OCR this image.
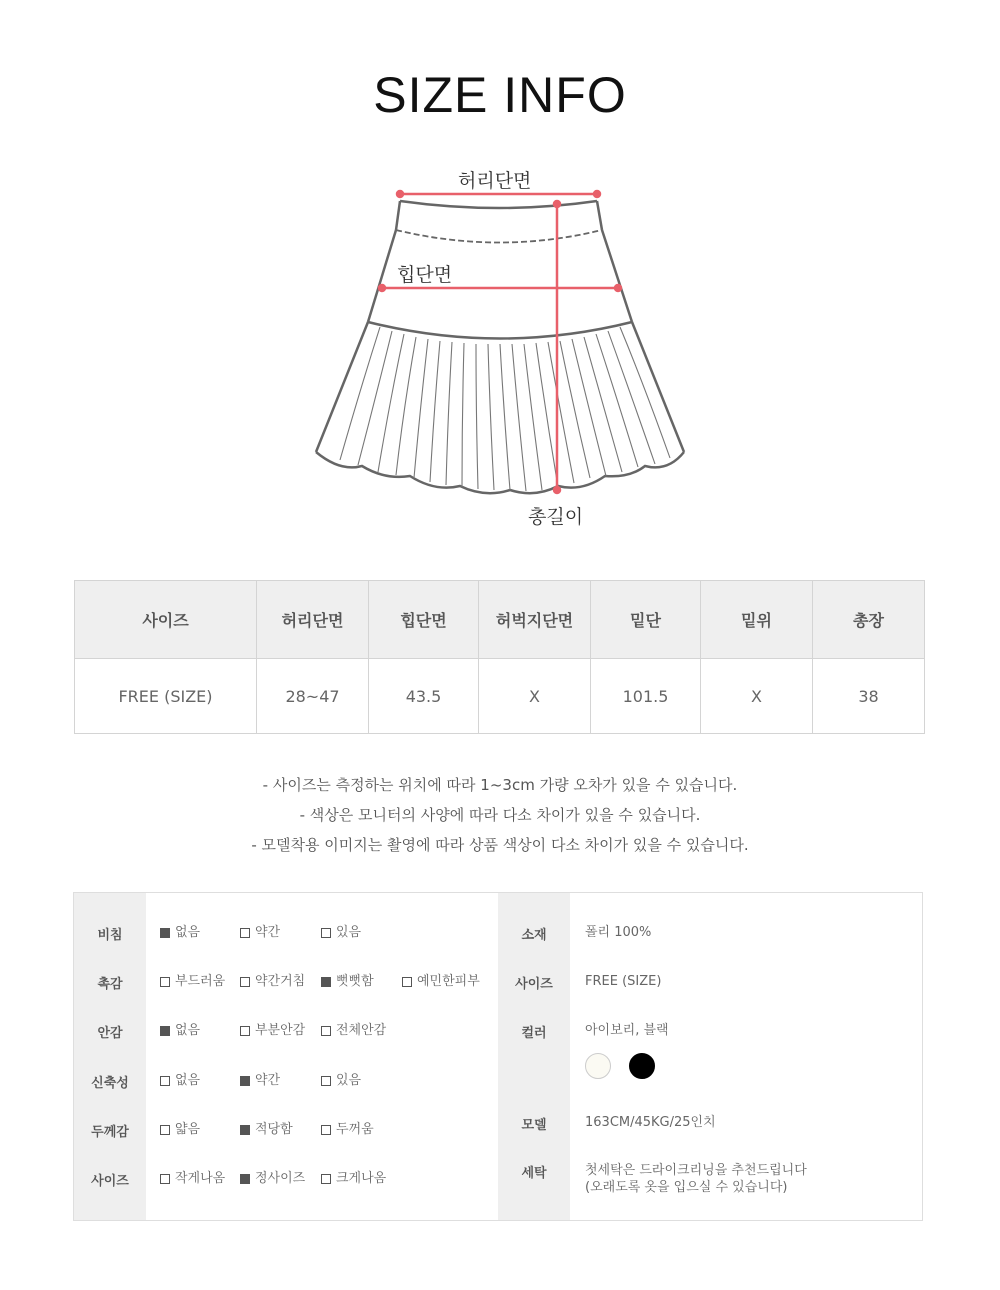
SIZE INFO
허리단면
힙단면
총길이
사이즈	허리단면	힙단면	허벅지단면	밑단	밑위	총장
FREE (SIZE)	28~47	43.5	X	101.5	X	38
- 사이즈는 측정하는 위치에 따라 1~3cm 가량 오차가 있을 수 있습니다.
- 색상은 모니터의 사양에 따라 다소 차이가 있을 수 있습니다.
- 모델착용 이미지는 촬영에 따라 상품 색상이 다소 차이가 있을 수 있습니다.
비침	없음	약간	있음
촉감	부드러움 약간거침 뻣뻣함	예민한피부
안감	없음	부분안감 전체안감
신축성	없음	약간	있음
두께감	얇음	적당함	두꺼움
사이즈	작게나옴 정사이즈 크게나옴
소재	폴리 100%
사이즈	FREE (SIZE)
컬러	아이보리, 블랙
모델	163CM/45KG/25인치
세탁	첫세탁은 드라이크리닝을 추천드립니다
(오래도록 옷을 입으실 수 있습니다)
